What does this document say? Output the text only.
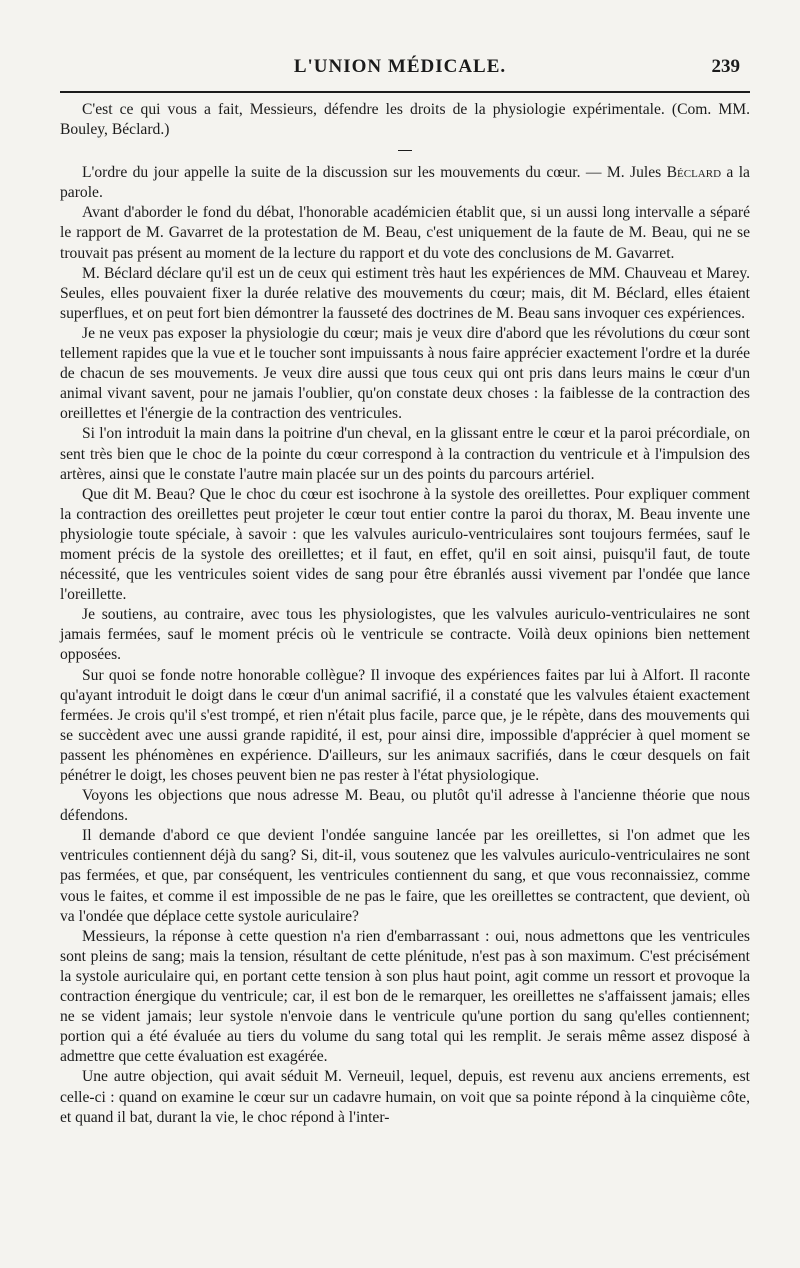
L'UNION MÉDICALE.	239

C'est ce qui vous a fait, Messieurs, défendre les droits de la physiologie expérimentale. (Com. MM. Bouley, Béclard.)

L'ordre du jour appelle la suite de la discussion sur les mouvements du cœur. — M. Jules Béclard a la parole.

Avant d'aborder le fond du débat, l'honorable académicien établit que, si un aussi long intervalle a séparé le rapport de M. Gavarret de la protestation de M. Beau, c'est uniquement de la faute de M. Beau, qui ne se trouvait pas présent au moment de la lecture du rapport et du vote des conclusions de M. Gavarret.

M. Béclard déclare qu'il est un de ceux qui estiment très haut les expériences de MM. Chauveau et Marey. Seules, elles pouvaient fixer la durée relative des mouvements du cœur; mais, dit M. Béclard, elles étaient superflues, et on peut fort bien démontrer la fausseté des doctrines de M. Beau sans invoquer ces expériences.

Je ne veux pas exposer la physiologie du cœur; mais je veux dire d'abord que les révolutions du cœur sont tellement rapides que la vue et le toucher sont impuissants à nous faire apprécier exactement l'ordre et la durée de chacun de ses mouvements. Je veux dire aussi que tous ceux qui ont pris dans leurs mains le cœur d'un animal vivant savent, pour ne jamais l'oublier, qu'on constate deux choses : la faiblesse de la contraction des oreillettes et l'énergie de la contraction des ventricules.

Si l'on introduit la main dans la poitrine d'un cheval, en la glissant entre le cœur et la paroi précordiale, on sent très bien que le choc de la pointe du cœur correspond à la contraction du ventricule et à l'impulsion des artères, ainsi que le constate l'autre main placée sur un des points du parcours artériel.

Que dit M. Beau? Que le choc du cœur est isochrone à la systole des oreillettes. Pour expliquer comment la contraction des oreillettes peut projeter le cœur tout entier contre la paroi du thorax, M. Beau invente une physiologie toute spéciale, à savoir : que les valvules auriculo-ventriculaires sont toujours fermées, sauf le moment précis de la systole des oreillettes; et il faut, en effet, qu'il en soit ainsi, puisqu'il faut, de toute nécessité, que les ventricules soient vides de sang pour être ébranlés aussi vivement par l'ondée que lance l'oreillette.

Je soutiens, au contraire, avec tous les physiologistes, que les valvules auriculo-ventriculaires ne sont jamais fermées, sauf le moment précis où le ventricule se contracte. Voilà deux opinions bien nettement opposées.

Sur quoi se fonde notre honorable collègue? Il invoque des expériences faites par lui à Alfort. Il raconte qu'ayant introduit le doigt dans le cœur d'un animal sacrifié, il a constaté que les valvules étaient exactement fermées. Je crois qu'il s'est trompé, et rien n'était plus facile, parce que, je le répète, dans des mouvements qui se succèdent avec une aussi grande rapidité, il est, pour ainsi dire, impossible d'apprécier à quel moment se passent les phénomènes en expérience. D'ailleurs, sur les animaux sacrifiés, dans le cœur desquels on fait pénétrer le doigt, les choses peuvent bien ne pas rester à l'état physiologique.

Voyons les objections que nous adresse M. Beau, ou plutôt qu'il adresse à l'ancienne théorie que nous défendons.

Il demande d'abord ce que devient l'ondée sanguine lancée par les oreillettes, si l'on admet que les ventricules contiennent déjà du sang? Si, dit-il, vous soutenez que les valvules auriculo-ventriculaires ne sont pas fermées, et que, par conséquent, les ventricules contiennent du sang, et que vous reconnaissiez, comme vous le faites, et comme il est impossible de ne pas le faire, que les oreillettes se contractent, que devient, où va l'ondée que déplace cette systole auriculaire?

Messieurs, la réponse à cette question n'a rien d'embarrassant : oui, nous admettons que les ventricules sont pleins de sang; mais la tension, résultant de cette plénitude, n'est pas à son maximum. C'est précisément la systole auriculaire qui, en portant cette tension à son plus haut point, agit comme un ressort et provoque la contraction énergique du ventricule; car, il est bon de le remarquer, les oreillettes ne s'affaissent jamais; elles ne se vident jamais; leur systole n'envoie dans le ventricule qu'une portion du sang qu'elles contiennent; portion qui a été évaluée au tiers du volume du sang total qui les remplit. Je serais même assez disposé à admettre que cette évaluation est exagérée.

Une autre objection, qui avait séduit M. Verneuil, lequel, depuis, est revenu aux anciens errements, est celle-ci : quand on examine le cœur sur un cadavre humain, on voit que sa pointe répond à la cinquième côte, et quand il bat, durant la vie, le choc répond à l'inter-
